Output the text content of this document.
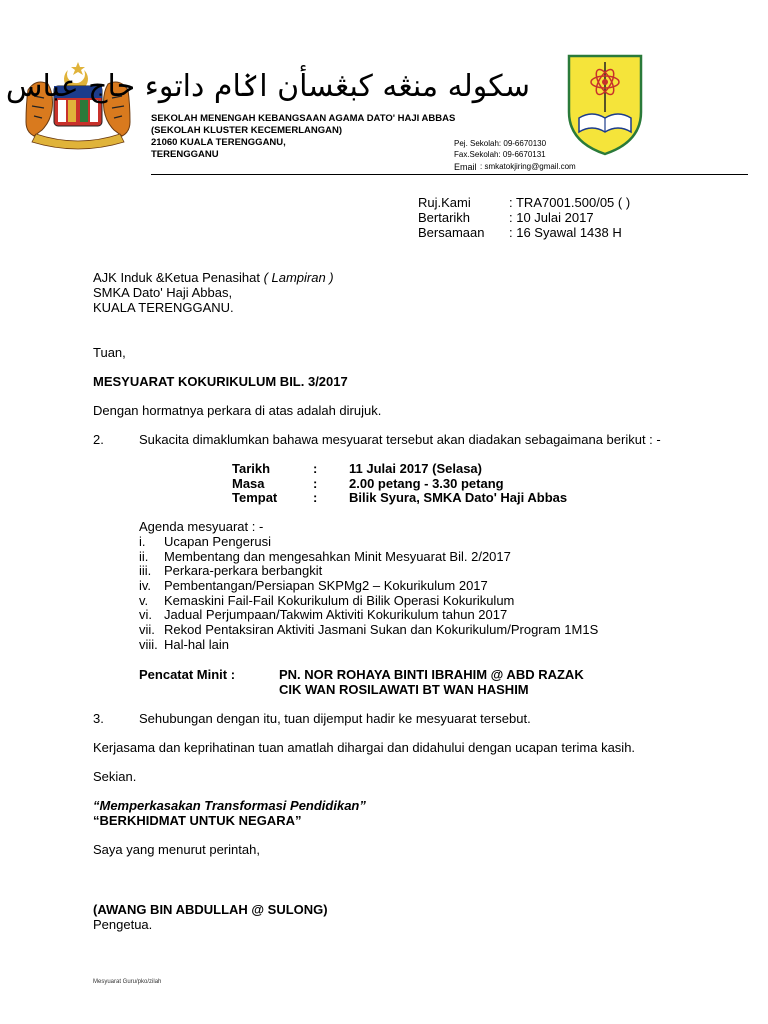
سکوله منڠه کبڠسأن اݢام داتوء حاج عباس
SEKOLAH MENENGAH KEBANGSAAN AGAMA DATO' HAJI ABBAS
(SEKOLAH KLUSTER KECEMERLANGAN)
21060 KUALA TERENGGANU,
TERENGGANU
Pej. Sekolah: 09-6670130
Fax.Sekolah: 09-6670131
Email : smkatokjiring@gmail.com
Ruj.Kami	: TRA7001.500/05 ( )
Bertarikh	: 10 Julai 2017
Bersamaan : 16 Syawal 1438 H
AJK Induk &Ketua Penasihat ( Lampiran )
SMKA Dato' Haji Abbas,
KUALA TERENGGANU.
Tuan,
MESYUARAT KOKURIKULUM BIL. 3/2017
Dengan hormatnya perkara di atas adalah dirujuk.
2.	Sukacita dimaklumkan bahawa mesyuarat tersebut akan diadakan sebagaimana berikut : -
Tarikh	: 11 Julai 2017 (Selasa)
Masa	: 2.00 petang - 3.30 petang
Tempat	: Bilik Syura, SMKA Dato' Haji Abbas
Agenda mesyuarat : -
i. Ucapan Pengerusi
ii. Membentang dan mengesahkan Minit Mesyuarat Bil. 2/2017
iii. Perkara-perkara berbangkit
iv. Pembentangan/Persiapan SKPMg2 – Kokurikulum 2017
v. Kemaskini Fail-Fail Kokurikulum di Bilik Operasi Kokurikulum
vi. Jadual Perjumpaan/Takwim Aktiviti Kokurikulum tahun 2017
vii. Rekod Pentaksiran Aktiviti Jasmani Sukan dan Kokurikulum/Program 1M1S
viii. Hal-hal lain
Pencatat Minit :	PN. NOR ROHAYA BINTI IBRAHIM @ ABD RAZAK
CIK WAN ROSILAWATI BT WAN HASHIM
3.	Sehubungan dengan itu, tuan dijemput hadir ke mesyuarat tersebut.
Kerjasama dan keprihatinan tuan amatlah dihargai dan didahului dengan ucapan terima kasih.
Sekian.
“Memperkasakan Transformasi Pendidikan”
“BERKHIDMAT UNTUK NEGARA”
Saya yang menurut perintah,
(AWANG BIN ABDULLAH @ SULONG)
Pengetua.
Mesyuarat Guru/pko/zilah
